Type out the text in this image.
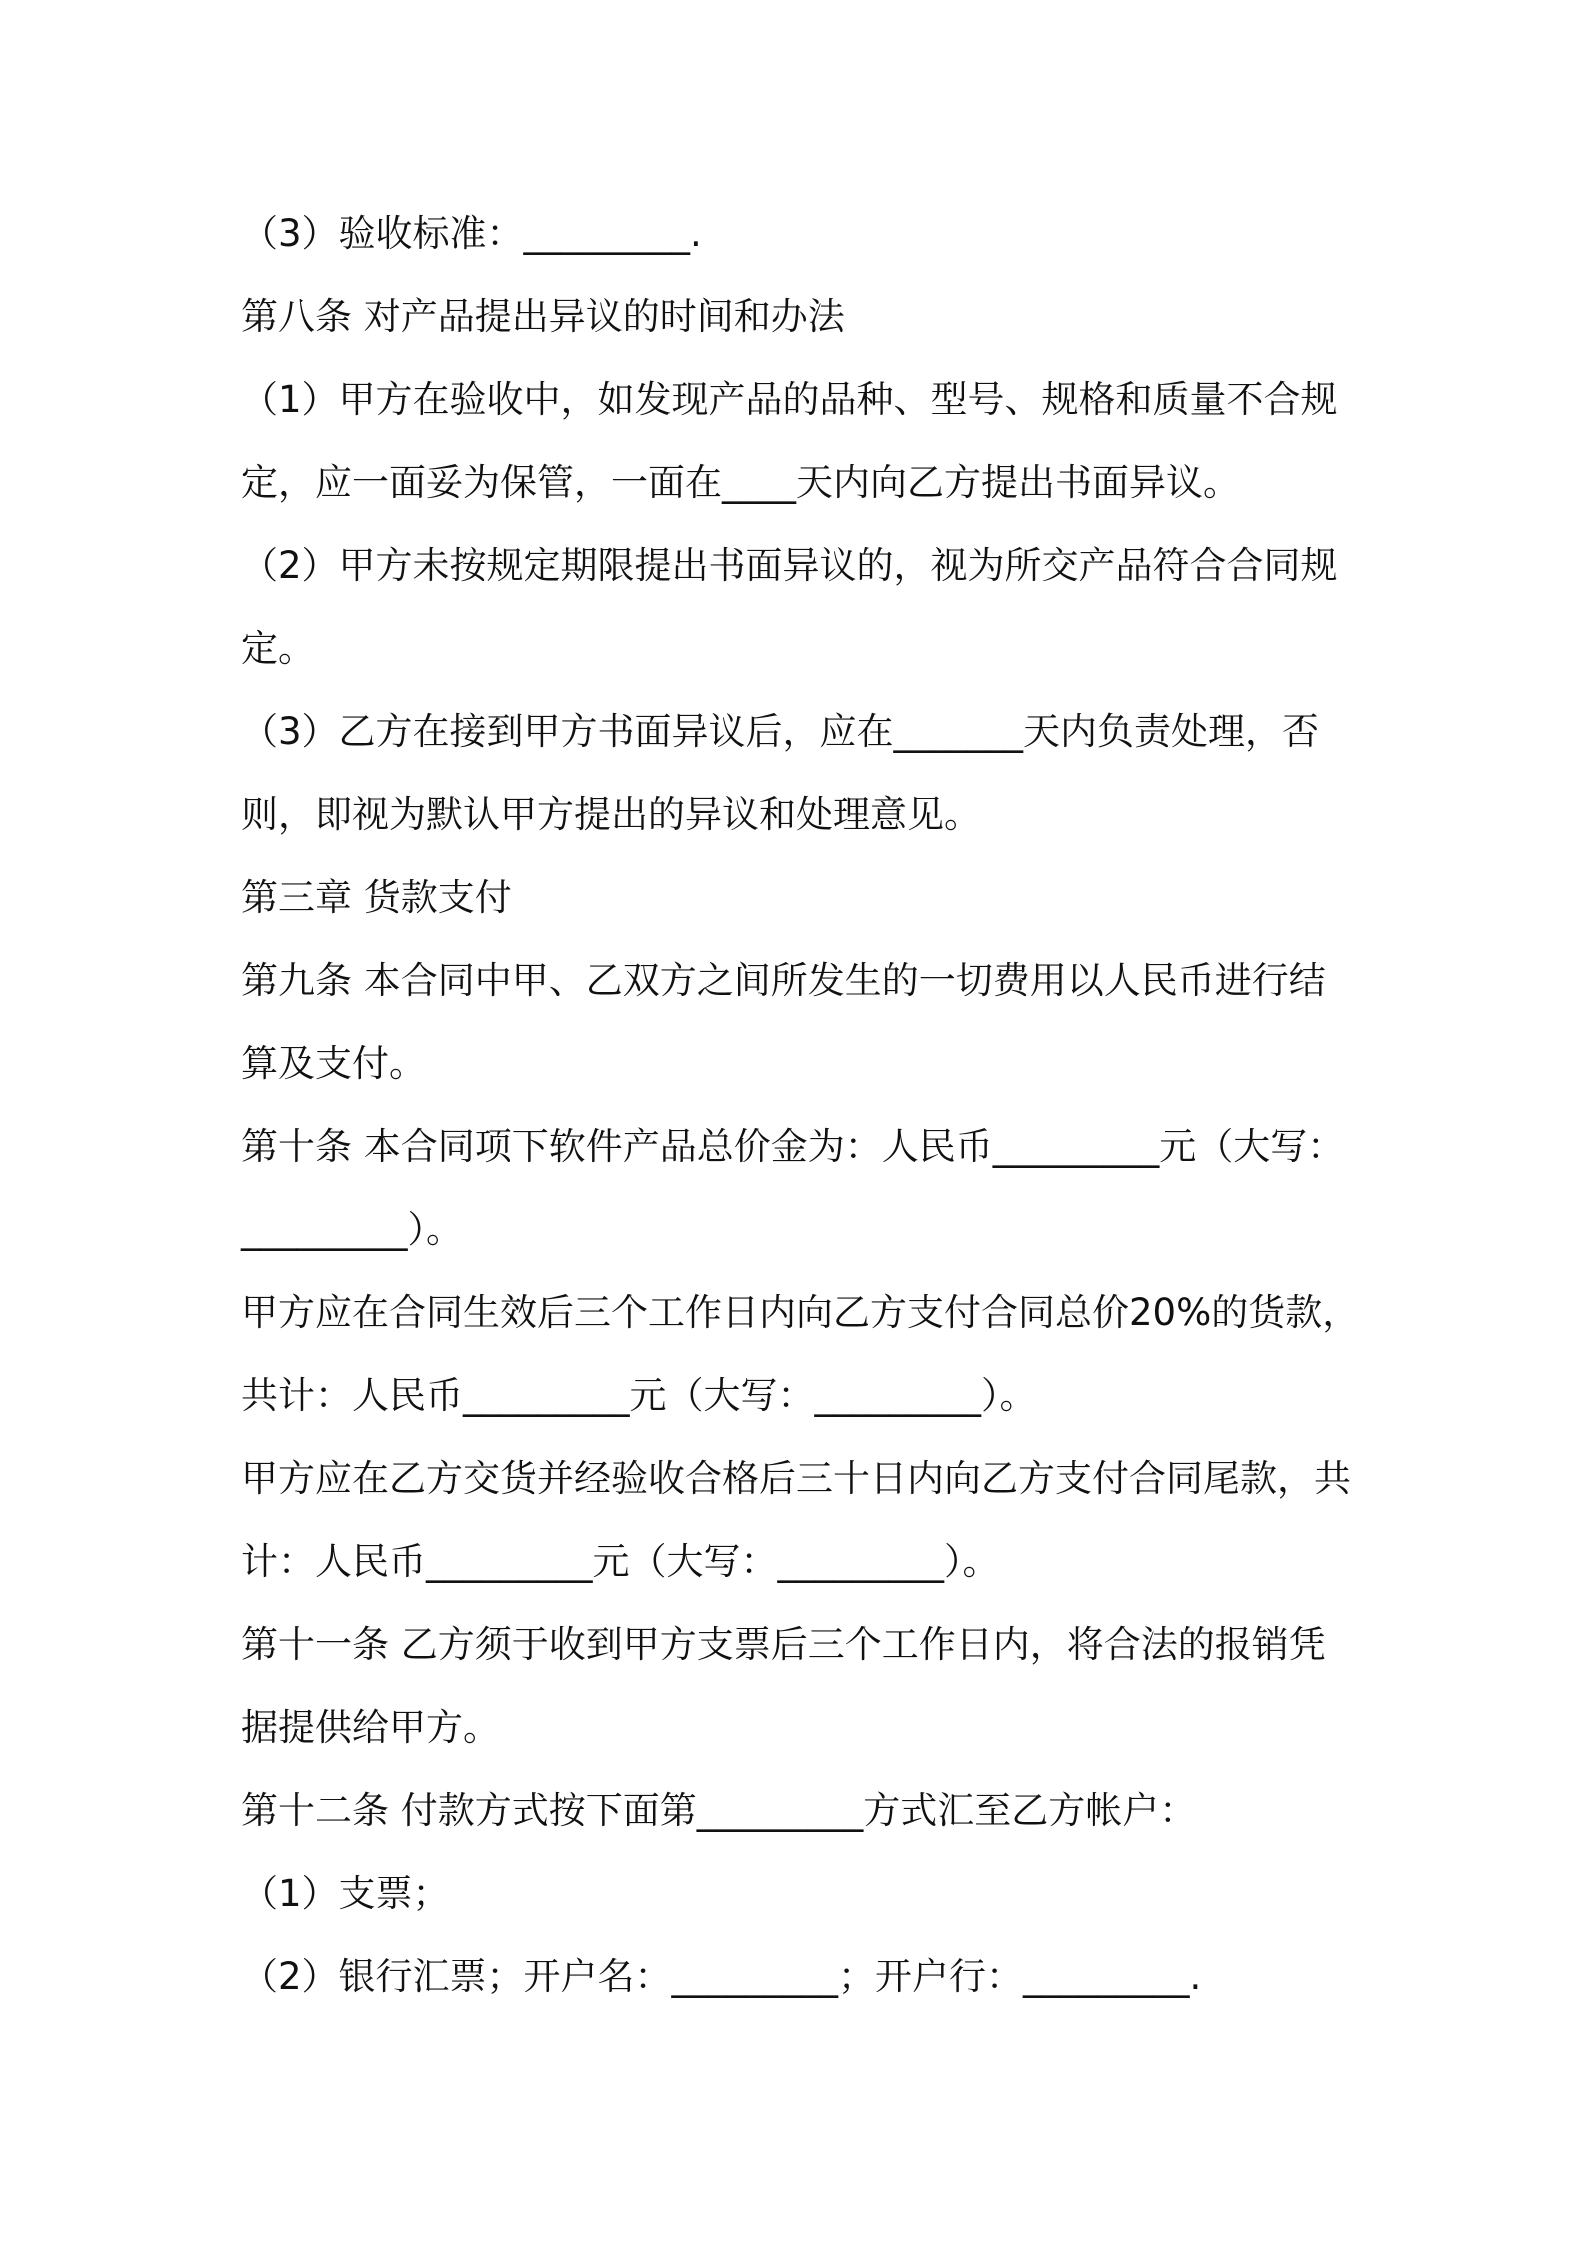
（3）验收标准：_________.

第八条 对产品提出异议的时间和办法

（1）甲方在验收中，如发现产品的品种、型号、规格和质量不合规定，应一面妥为保管，一面在____天内向乙方提出书面异议。

（2）甲方未按规定期限提出书面异议的，视为所交产品符合合同规定。

（3）乙方在接到甲方书面异议后，应在_______天内负责处理，否则，即视为默认甲方提出的异议和处理意见。

第三章 货款支付

第九条 本合同中甲、乙双方之间所发生的一切费用以人民币进行结算及支付。

第十条 本合同项下软件产品总价金为：人民币_________元（大写：_________）。

甲方应在合同生效后三个工作日内向乙方支付合同总价20%的货款，共计：人民币_________元（大写：_________）。

甲方应在乙方交货并经验收合格后三十日内向乙方支付合同尾款，共计：人民币_________元（大写：_________）。

第十一条 乙方须于收到甲方支票后三个工作日内，将合法的报销凭据提供给甲方。

第十二条 付款方式按下面第_________方式汇至乙方帐户：

（1）支票；

（2）银行汇票；开户名：_________；开户行：_________.
